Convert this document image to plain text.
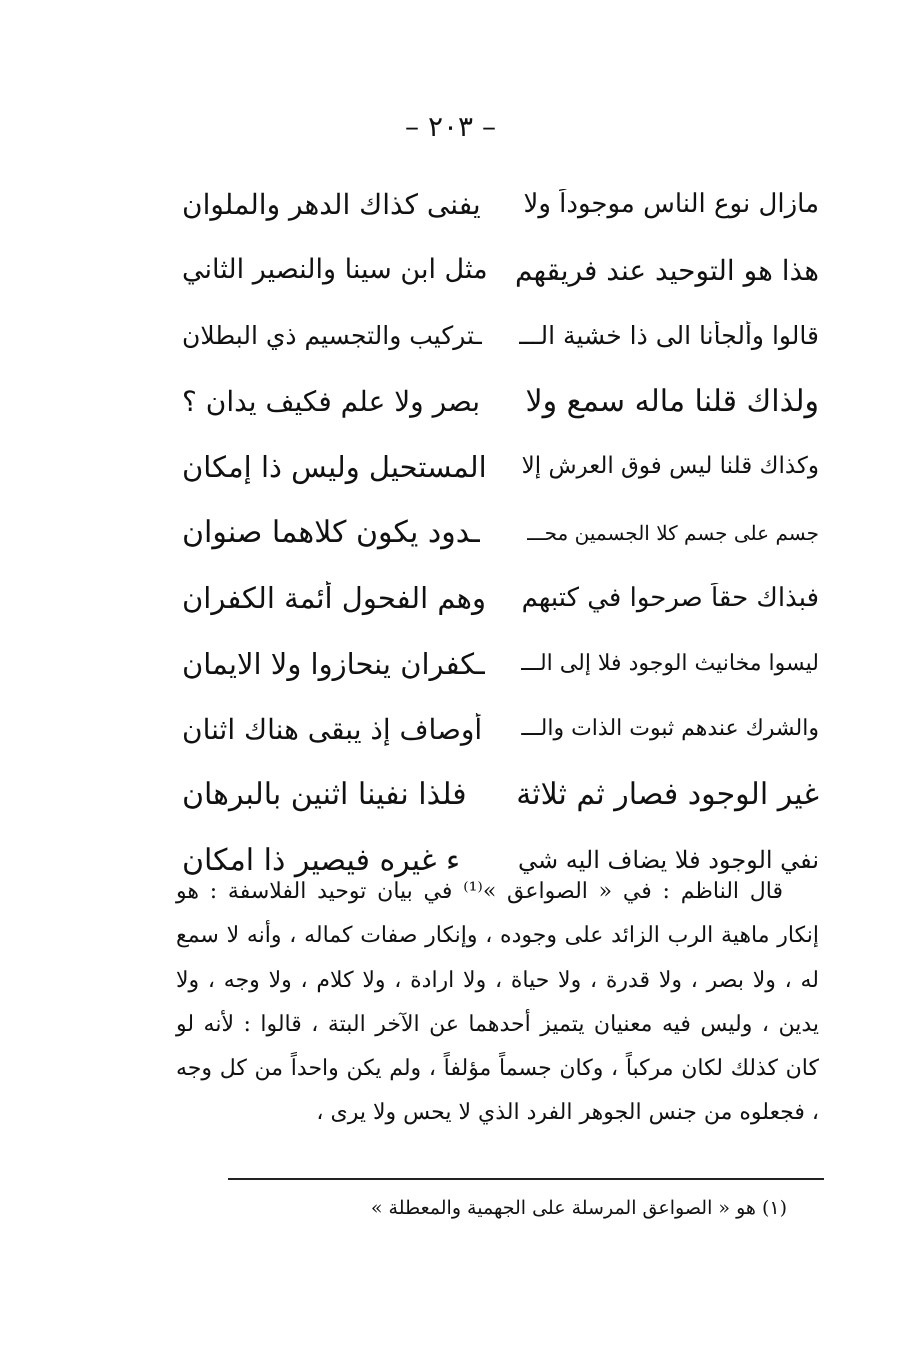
– ٢٠٣ –
مازال نوع الناس موجوداً ولا
يفنى كذاك الدهر والملوان
هذا هو التوحيد عند فريقهم
مثل ابن سينا والنصير الثاني
قالوا وألجأنا الى ذا خشية الـــ
ـتركيب والتجسيم ذي البطلان
ولذاك قلنا ماله سمع ولا
بصر ولا علم فكيف يدان ؟
وكذاك قلنا ليس فوق العرش إلا
المستحيل وليس ذا إمكان
جسم على جسم كلا الجسمين محـــ
ـدود يكون كلاهما صنوان
فبذاك حقاً صرحوا في كتبهم
وهم الفحول أئمة الكفران
ليسوا مخانيث الوجود فلا إلى الـــ
ـكفران ينحازوا ولا الايمان
والشرك عندهم ثبوت الذات والـــ
أوصاف إذ يبقى هناك اثنان
غير الوجود فصار ثم ثلاثة
فلذا نفينا اثنين بالبرهان
نفي الوجود فلا يضاف اليه شي
ء غيره فيصير ذا امكان

قال الناظم : في « الصواعق »⁽¹⁾ في بيان توحيد الفلاسفة : هو إنكار ماهية الرب الزائد على وجوده ، وإنكار صفات كماله ، وأنه لا سمع له ، ولا بصر ، ولا قدرة ، ولا حياة ، ولا ارادة ، ولا كلام ، ولا وجه ، ولا يدين ، وليس فيه معنيان يتميز أحدهما عن الآخر البتة ، قالوا : لأنه لو كان كذلك لكان مركباً ، وكان جسماً مؤلفاً ، ولم يكن واحداً من كل وجه ، فجعلوه من جنس الجوهر الفرد الذي لا يحس ولا يرى ،

(١) هو « الصواعق المرسلة على الجهمية والمعطلة »
